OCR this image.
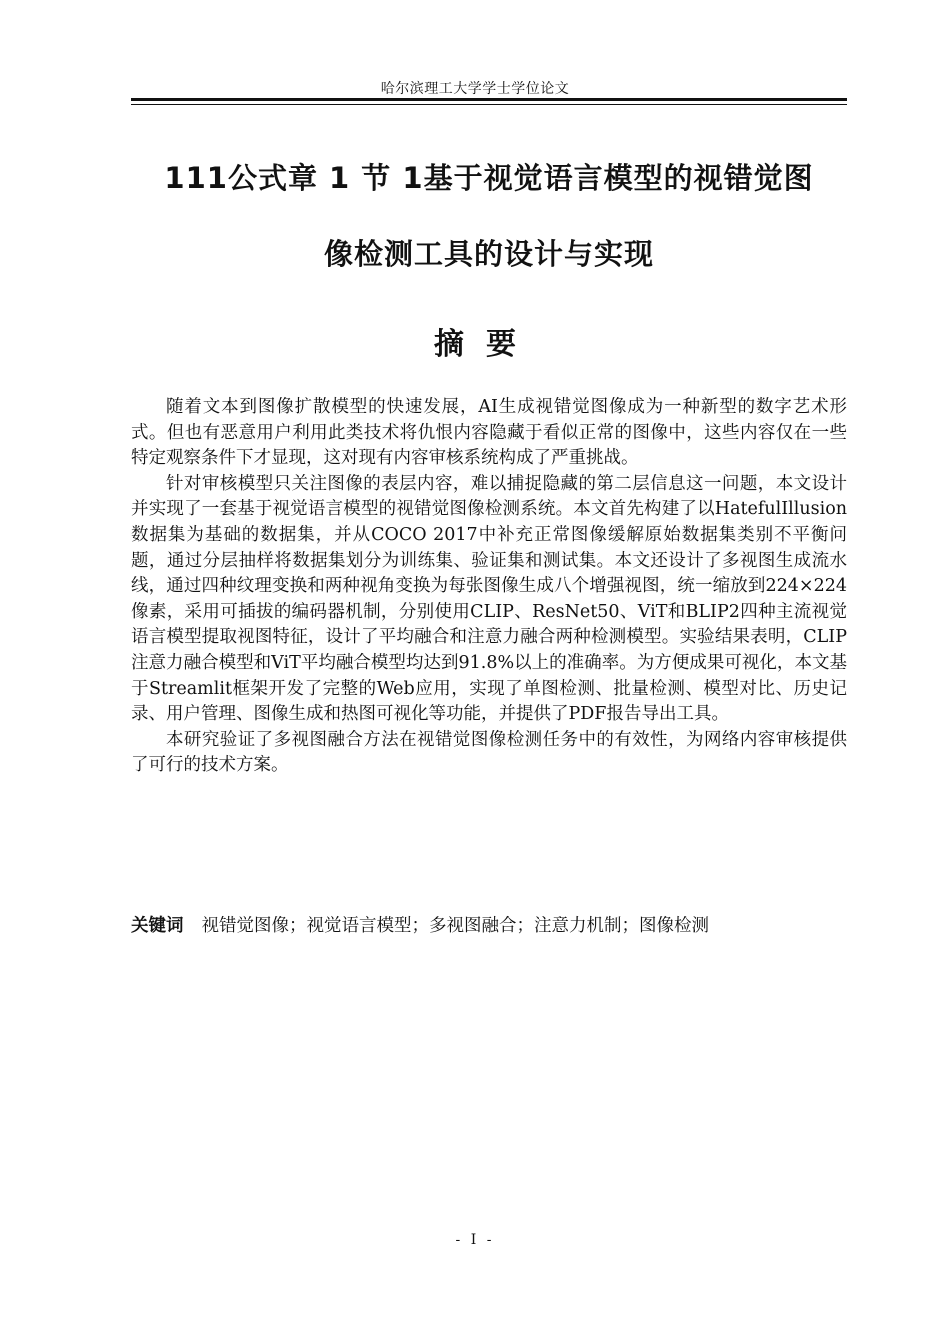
哈尔滨理工大学学士学位论文
111公式章 1 节 1基于视觉语言模型的视错觉图
像检测工具的设计与实现
摘要

随着文本到图像扩散模型的快速发展，AI生成视错觉图像成为一种新型的数字艺术形式。但也有恶意用户利用此类技术将仇恨内容隐藏于看似正常的图像中，这些内容仅在一些特定观察条件下才显现，这对现有内容审核系统构成了严重挑战。

针对审核模型只关注图像的表层内容，难以捕捉隐藏的第二层信息这一问题，本文设计并实现了一套基于视觉语言模型的视错觉图像检测系统。本文首先构建了以HatefulIllusion数据集为基础的数据集，并从COCO 2017中补充正常图像缓解原始数据集类别不平衡问题，通过分层抽样将数据集划分为训练集、验证集和测试集。本文还设计了多视图生成流水线，通过四种纹理变换和两种视角变换为每张图像生成八个增强视图，统一缩放到224×224像素，采用可插拔的编码器机制，分别使用CLIP、ResNet50、ViT和BLIP2四种主流视觉语言模型提取视图特征，设计了平均融合和注意力融合两种检测模型。实验结果表明，CLIP注意力融合模型和ViT平均融合模型均达到91.8%以上的准确率。为方便成果可视化，本文基于Streamlit框架开发了完整的Web应用，实现了单图检测、批量检测、模型对比、历史记录、用户管理、图像生成和热图可视化等功能，并提供了PDF报告导出工具。

本研究验证了多视图融合方法在视错觉图像检测任务中的有效性，为网络内容审核提供了可行的技术方案。

关键词 视错觉图像；视觉语言模型；多视图融合；注意力机制；图像检测
- I -
